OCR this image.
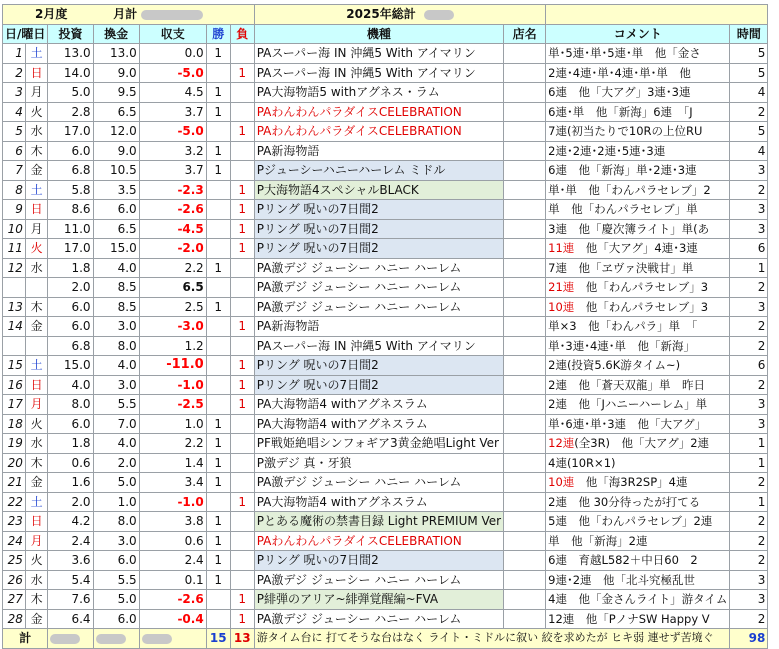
2月度 月計							2025年総計			
日/曜日		投資	換金	収支	勝	負	機種	店名	コメント	時間
1	土	13.0	13.0	0.0	1		PAスーパー海 IN 沖縄5 With アイマリン		単･5連･単･5連･単　他「金さ	5
2	日	14.0	9.0	-5.0		1	PAスーパー海 IN 沖縄5 With アイマリン		2連･4連･単･4連･単･単　他	5
3	月	5.0	9.5	4.5	1		PA大海物語5 withアグネス・ラム		6連　他「大アグ」3連･3連	4
4	火	2.8	6.5	3.7	1		PAわんわんパラダイスCELEBRATION		6連･単　他「新海」6連　「J	2
5	水	17.0	12.0	-5.0		1	PAわんわんパラダイスCELEBRATION		7連(初当たりで10Rの上位RU	5
6	木	6.0	9.0	3.2	1		PA新海物語		2連･2連･2連･5連･3連	4
7	金	6.8	10.5	3.7	1		Pジューシーハニーハーレム ミドル		6連　他「新海」単･2連･3連	3
8	土	5.8	3.5	-2.3		1	P大海物語4スペシャルBLACK		単･単　他「わんパラセレブ」2	2
9	日	8.6	6.0	-2.6		1	Pリング 呪いの7日間2		単　他「わんパラセレブ」単	3
10	月	11.0	6.5	-4.5		1	Pリング 呪いの7日間2		3連　他「慶次簿ライト」単(あ	3
11	火	17.0	15.0	-2.0		1	Pリング 呪いの7日間2		11連　他「大アグ」4連･3連	6
12	水	1.8	4.0	2.2	1		PA激デジ ジューシー ハニー ハーレム		7連　他「ヱヴァ決戦甘」単	1
		2.0	8.5	6.5			PA激デジ ジューシー ハニー ハーレム		21連　他「わんパラセレブ」3	2
13	木	6.0	8.5	2.5	1		PA激デジ ジューシー ハニー ハーレム		10連　他「わんパラセレブ」3	3
14	金	6.0	3.0	-3.0		1	PA新海物語		単×3　他「わんパラ」単　「	2
		6.8	8.0	1.2			PAスーパー海 IN 沖縄5 With アイマリン		単･3連･4連･単　他「新海」	2
15	土	15.0	4.0	-11.0		1	Pリング 呪いの7日間2		2連(投資5.6K游タイム~)	6
16	日	4.0	3.0	-1.0		1	Pリング 呪いの7日間2		2連　他「蒼天双龍」単　昨日	2
17	月	8.0	5.5	-2.5		1	PA大海物語4 withアグネスラム		2連　他「Jハニーハーレム」単	3
18	火	6.0	7.0	1.0	1		PA大海物語4 withアグネスラム		単･6連･単･3連　他「大アグ」	3
19	水	1.8	4.0	2.2	1		PF戦姫絶唱シンフォギア3黄金絶唱Light Ver		12連(全3R)　他「大アグ」2連	1
20	木	0.6	2.0	1.4	1		P激デジ 真・牙狼		4連(10R×1)	1
21	金	1.6	5.0	3.4	1		PA激デジ ジューシー ハニー ハーレム		10連　他「海3R2SP」4連	2
22	土	2.0	1.0	-1.0		1	PA大海物語4 withアグネスラム		2連　他 30分待ったが打てる	1
23	日	4.2	8.0	3.8	1		Pとある魔術の禁書目録 Light PREMIUM Ver		5連　他「わんパラセレブ」2連	2
24	月	2.4	3.0	0.6	1		PAわんわんパラダイスCELEBRATION		単　他「新海」2連	2
25	火	3.6	6.0	2.4	1		Pリング 呪いの7日間2		6連　育越L582＋中日60　2	2
26	水	5.4	5.5	0.1	1		PA激デジ ジューシー ハニー ハーレム		9連･2連　他「北斗究極乱世	3
27	木	7.6	5.0	-2.6		1	P緋弾のアリア~緋弾覚醒編~FVA		4連　他「金さんライト」游タイム	3
28	金	6.4	6.0	-0.4		1	PA激デジ ジューシー ハニー ハーレム		12連　他「PノナSW Happy V	2
計					15	13	游タイム台に 打てそうな台はなく ライト・ミドルに叙い 絞を求めたが ヒキ弱 連せず苦境ぐ			98
